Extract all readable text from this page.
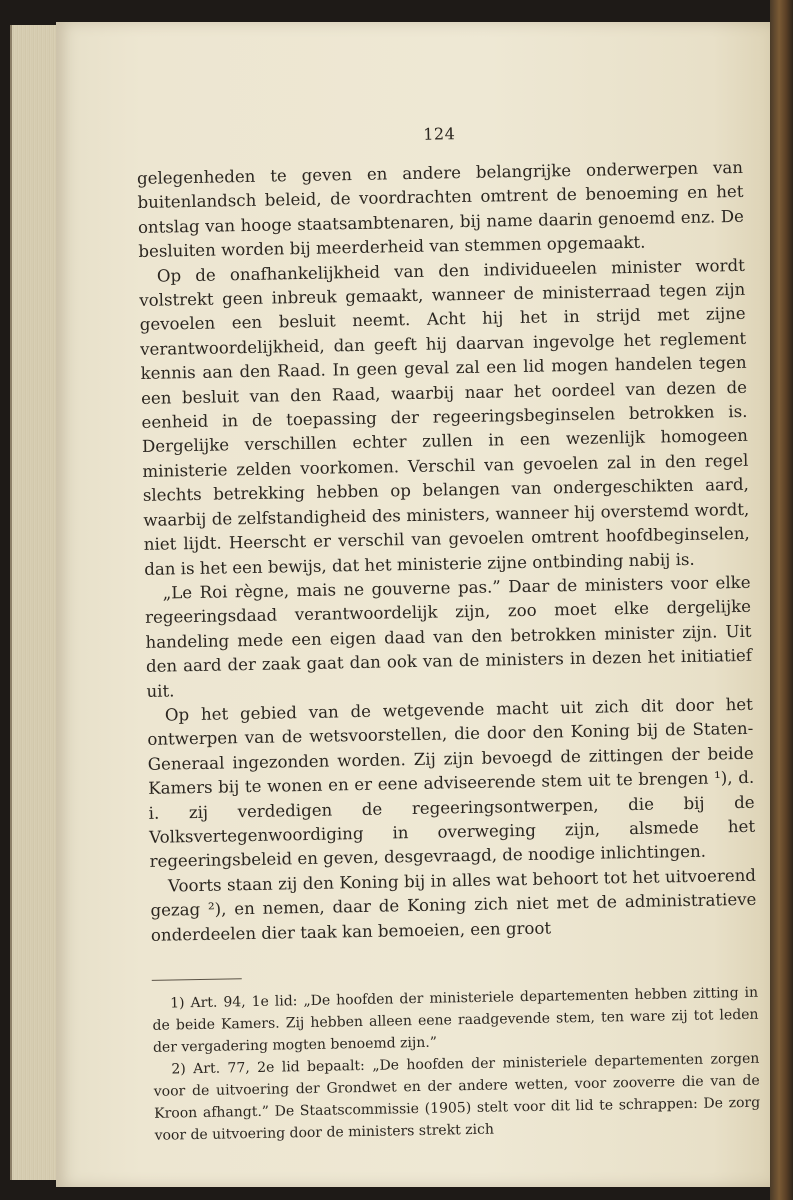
124

gelegenheden te geven en andere belangrijke onderwerpen van buitenlandsch beleid, de voordrachten omtrent de benoeming en het ontslag van hooge staatsambtenaren, bij name daarin genoemd enz. De besluiten worden bij meerderheid van stemmen opgemaakt.

Op de onafhankelijkheid van den individueelen minister wordt volstrekt geen inbreuk gemaakt, wanneer de ministerraad tegen zijn gevoelen een besluit neemt. Acht hij het in strijd met zijne verantwoordelijkheid, dan geeft hij daarvan ingevolge het reglement kennis aan den Raad. In geen geval zal een lid mogen handelen tegen een besluit van den Raad, waarbij naar het oordeel van dezen de eenheid in de toepassing der regeeringsbeginselen betrokken is. Dergelijke verschillen echter zullen in een wezenlijk homogeen ministerie zelden voorkomen. Verschil van gevoelen zal in den regel slechts betrekking hebben op belangen van ondergeschikten aard, waarbij de zelfstandigheid des ministers, wanneer hij overstemd wordt, niet lijdt. Heerscht er verschil van gevoelen omtrent hoofdbeginselen, dan is het een bewijs, dat het ministerie zijne ontbinding nabij is.

„Le Roi règne, mais ne gouverne pas.” Daar de ministers voor elke regeeringsdaad verantwoordelijk zijn, zoo moet elke dergelijke handeling mede een eigen daad van den betrokken minister zijn. Uit den aard der zaak gaat dan ook van de ministers in dezen het initiatief uit.

Op het gebied van de wetgevende macht uit zich dit door het ontwerpen van de wetsvoorstellen, die door den Koning bij de Staten-Generaal ingezonden worden. Zij zijn bevoegd de zittingen der beide Kamers bij te wonen en er eene adviseerende stem uit te brengen ¹), d. i. zij verdedigen de regeeringsontwerpen, die bij de Volksvertegenwoordiging in overweging zijn, alsmede het regeeringsbeleid en geven, desgevraagd, de noodige inlichtingen.

Voorts staan zij den Koning bij in alles wat behoort tot het uitvoerend gezag ²), en nemen, daar de Koning zich niet met de administratieve onderdeelen dier taak kan bemoeien, een groot

1) Art. 94, 1e lid: „De hoofden der ministeriele departementen hebben zitting in de beide Kamers. Zij hebben alleen eene raadgevende stem, ten ware zij tot leden der vergadering mogten benoemd zijn.”

2) Art. 77, 2e lid bepaalt: „De hoofden der ministeriele departementen zorgen voor de uitvoering der Grondwet en der andere wetten, voor zooverre die van de Kroon afhangt.” De Staatscommissie (1905) stelt voor dit lid te schrappen: De zorg voor de uitvoering door de ministers strekt zich
